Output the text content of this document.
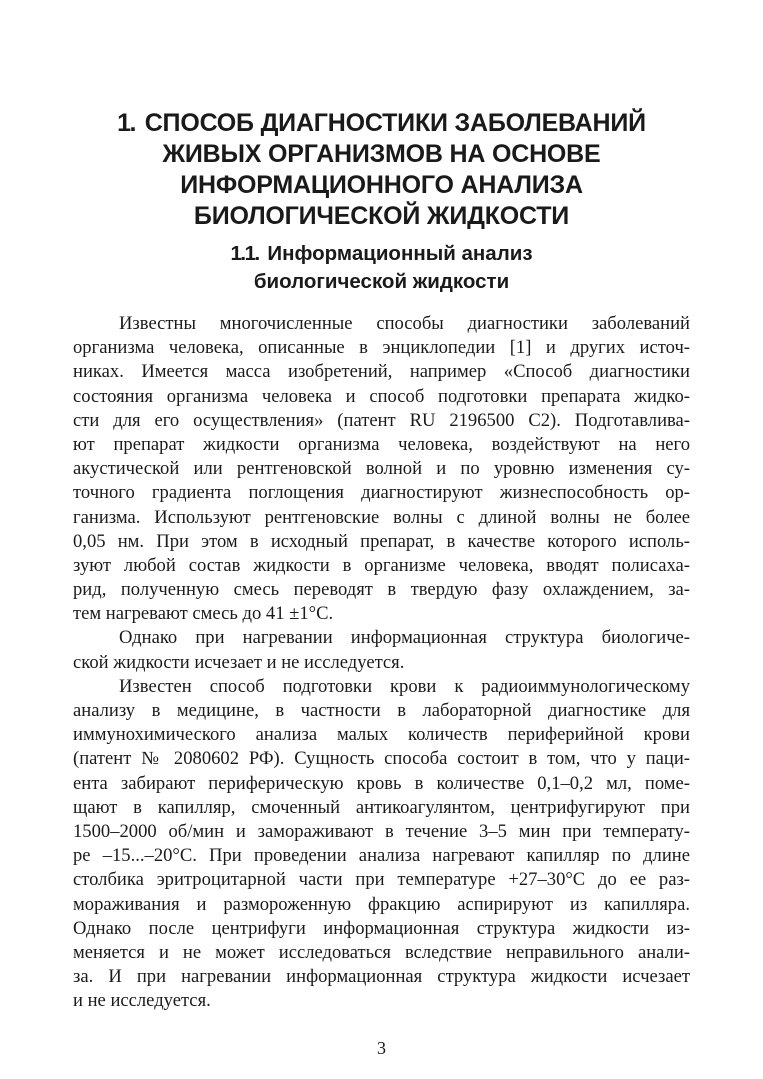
1. СПОСОБ ДИАГНОСТИКИ ЗАБОЛЕВАНИЙ
ЖИВЫХ ОРГАНИЗМОВ НА ОСНОВЕ
ИНФОРМАЦИОННОГО АНАЛИЗА
БИОЛОГИЧЕСКОЙ ЖИДКОСТИ
1.1. Информационный анализ
биологической жидкости
Известны многочисленные способы диагностики заболеваний
организма человека, описанные в энциклопедии [1] и других источ-
никах. Имеется масса изобретений, например «Способ диагностики
состояния организма человека и способ подготовки препарата жидко-
сти для его осуществления» (патент RU 2196500 C2). Подготавлива-
ют препарат жидкости организма человека, воздействуют на него
акустической или рентгеновской волной и по уровню изменения су-
точного градиента поглощения диагностируют жизнеспособность ор-
ганизма. Используют рентгеновские волны с длиной волны не более
0,05 нм. При этом в исходный препарат, в качестве которого исполь-
зуют любой состав жидкости в организме человека, вводят полисаха-
рид, полученную смесь переводят в твердую фазу охлаждением, за-
тем нагревают смесь до 41 ±1°С.
Однако при нагревании информационная структура биологиче-
ской жидкости исчезает и не исследуется.
Известен способ подготовки крови к радиоиммунологическому
анализу в медицине, в частности в лабораторной диагностике для
иммунохимического анализа малых количеств периферийной крови
(патент № 2080602 РФ). Сущность способа состоит в том, что у паци-
ента забирают периферическую кровь в количестве 0,1–0,2 мл, поме-
щают в капилляр, смоченный антикоагулянтом, центрифугируют при
1500–2000 об/мин и замораживают в течение 3–5 мин при температу-
ре –15...–20°С. При проведении анализа нагревают капилляр по длине
столбика эритроцитарной части при температуре +27–30°С до ее раз-
мораживания и размороженную фракцию аспирируют из капилляра.
Однако после центрифуги информационная структура жидкости из-
меняется и не может исследоваться вследствие неправильного анали-
за. И при нагревании информационная структура жидкости исчезает
и не исследуется.
3
